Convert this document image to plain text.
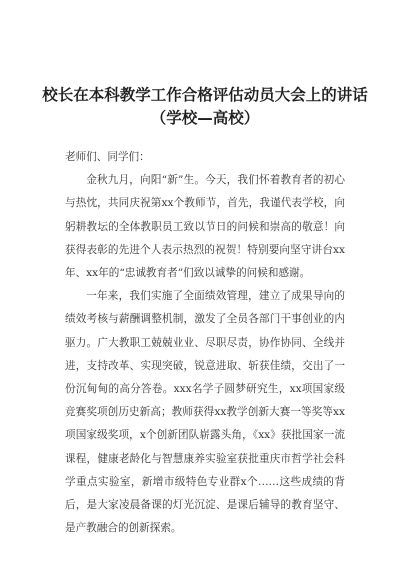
校长在本科教学工作合格评估动员大会上的讲话
（学校—高校）

老师们、同学们：

金秋九月，向阳“新”生。今天，我们怀着教育者的初心与热忱，共同庆祝第xx个教师节，首先，我谨代表学校，向躬耕教坛的全体教职员工致以节日的问候和崇高的敬意！向获得表彰的先进个人表示热烈的祝贺！特别要向坚守讲台xx年、xx年的“忠诚教育者”们致以诚挚的问候和感谢。

一年来，我们实施了全面绩效管理，建立了成果导向的绩效考核与薪酬调整机制，激发了全员各部门干事创业的内驱力。广大教职工兢兢业业、尽职尽责，协作协同、全线并进，支持改革、实现突破，锐意进取、斩获佳绩，交出了一份沉甸甸的高分答卷。xxx名学子圆梦研究生，xx项国家级竞赛奖项创历史新高；教师获得xx教学创新大赛一等奖等xx项国家级奖项，x个创新团队崭露头角，《xx》获批国家一流课程，健康老龄化与智慧康养实验室获批重庆市哲学社会科学重点实验室，新增市级特色专业群x个……这些成绩的背后，是大家凌晨备课的灯光沉淀、是课后辅导的教育坚守、是产教融合的创新探索。
